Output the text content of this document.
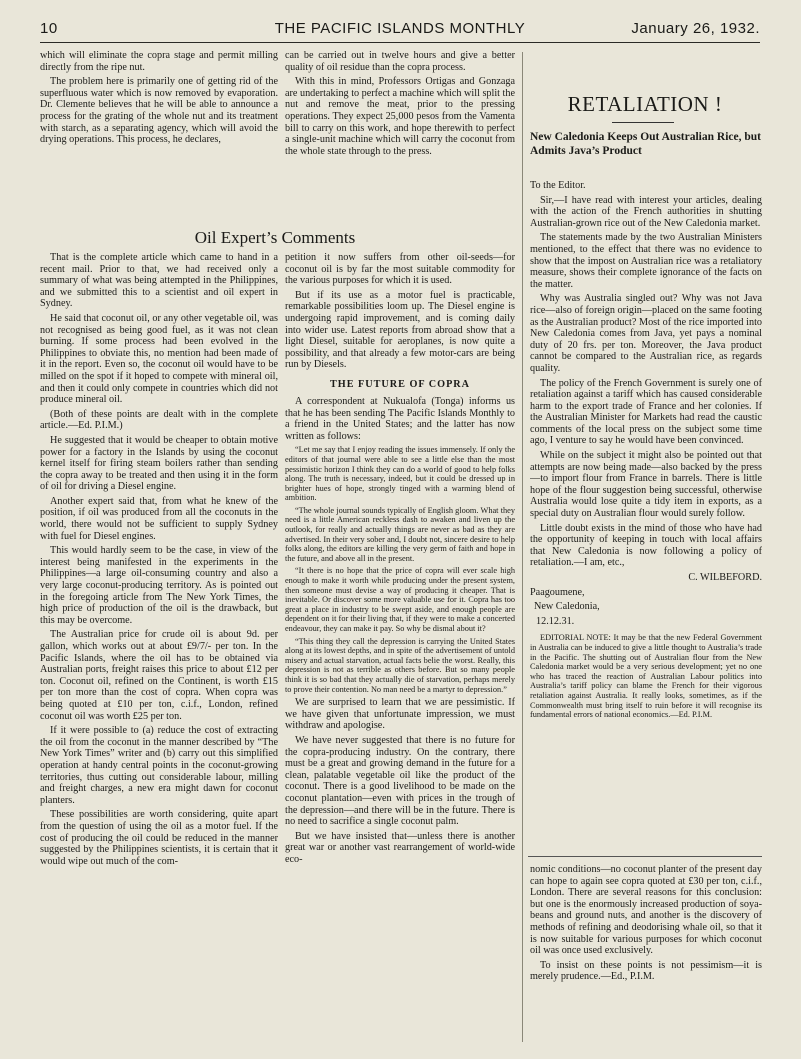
THE PACIFIC ISLANDS MONTHLY
10	January 26, 1932.

which will eliminate the copra stage and permit milling directly from the ripe nut.

The problem here is primarily one of getting rid of the superfluous water which is now removed by evaporation. Dr. Clemente believes that he will be able to announce a process for the grating of the whole nut and its treatment with starch, as a separating agency, which will avoid the drying operations. This process, he declares,

can be carried out in twelve hours and give a better quality of oil residue than the copra process.

With this in mind, Professors Ortigas and Gonzaga are undertaking to perfect a machine which will split the nut and remove the meat, prior to the pressing operations. They expect 25,000 pesos from the Vamenta bill to carry on this work, and hope therewith to perfect a single-unit machine which will carry the coconut from the whole state through to the press.

Oil Expert’s Comments

That is the complete article which came to hand in a recent mail. Prior to that, we had received only a summary of what was being attempted in the Philippines, and we submitted this to a scientist and oil expert in Sydney.

He said that coconut oil, or any other vegetable oil, was not recognised as being good fuel, as it was not clean burning. If some process had been evolved in the Philippines to obviate this, no mention had been made of it in the report. Even so, the coconut oil would have to be milled on the spot if it hoped to compete with mineral oil, and then it could only compete in countries which did not produce mineral oil.

(Both of these points are dealt with in the complete article.—Ed. P.I.M.)

He suggested that it would be cheaper to obtain motive power for a factory in the Islands by using the coconut kernel itself for firing steam boilers rather than sending the copra away to be treated and then using it in the form of oil for driving a Diesel engine.

Another expert said that, from what he knew of the position, if oil was produced from all the coconuts in the world, there would not be sufficient to supply Sydney with fuel for Diesel engines.

This would hardly seem to be the case, in view of the interest being manifested in the experiments in the Philippines—a large oil-consuming country and also a very large coconut-producing territory. As is pointed out in the foregoing article from The New York Times, the high price of production of the oil is the drawback, but this may be overcome.

The Australian price for crude oil is about 9d. per gallon, which works out at about £9/7/- per ton. In the Pacific Islands, where the oil has to be obtained via Australian ports, freight raises this price to about £12 per ton. Coconut oil, refined on the Continent, is worth £15 per ton more than the cost of copra. When copra was being quoted at £10 per ton, c.i.f., London, refined coconut oil was worth £25 per ton.

If it were possible to (a) reduce the cost of extracting the oil from the coconut in the manner described by “The New York Times” writer and (b) carry out this simplified operation at handy central points in the coconut-growing territories, thus cutting out considerable labour, milling and freight charges, a new era might dawn for coconut planters.

These possibilities are worth considering, quite apart from the question of using the oil as a motor fuel. If the cost of producing the oil could be reduced in the manner suggested by the Philippines scientists, it is certain that it would wipe out much of the com-

petition it now suffers from other oil-seeds—for coconut oil is by far the most suitable commodity for the various purposes for which it is used.

But if its use as a motor fuel is practicable, remarkable possibilities loom up. The Diesel engine is undergoing rapid improvement, and is coming daily into wider use. Latest reports from abroad show that a light Diesel, suitable for aeroplanes, is now quite a possibility, and that already a few motor-cars are being run by Diesels.

THE FUTURE OF COPRA

A correspondent at Nukualofa (Tonga) informs us that he has been sending The Pacific Islands Monthly to a friend in the United States; and the latter has now written as follows:

“Let me say that I enjoy reading the issues immensely. If only the editors of that journal were able to see a little else than the most pessimistic horizon I think they can do a world of good to help folks along. The truth is necessary, indeed, but it could be dressed up in brighter hues of hope, strongly tinged with a warming blend of ambition.

“The whole journal sounds typically of English gloom. What they need is a little American reckless dash to awaken and liven up the outlook, for really and actually things are never as bad as they are advertised. In their very sober and, I doubt not, sincere desire to help folks along, the editors are killing the very germ of faith and hope in the future, and above all in the present.

“It there is no hope that the price of copra will ever scale high enough to make it worth while producing under the present system, then someone must devise a way of producing it cheaper. That is inevitable. Or discover some more valuable use for it. Copra has too great a place in industry to be swept aside, and enough people are dependent on it for their living that, if they were to make a concerted endeavour, they can make it pay. So why be dismal about it?

“This thing they call the depression is carrying the United States along at its lowest depths, and in spite of the advertisement of untold misery and actual starvation, actual facts belie the worst. Really, this depression is not as terrible as others before. But so many people think it is so bad that they actually die of starvation, perhaps merely to prove their contention. No man need be a martyr to depression.”

We are surprised to learn that we are pessimistic. If we have given that unfortunate impression, we must withdraw and apologise.

We have never suggested that there is no future for the copra-producing industry. On the contrary, there must be a great and growing demand in the future for a clean, palatable vegetable oil like the product of the coconut. There is a good livelihood to be made on the coconut plantation—even with prices in the trough of the depression—and there will be in the future. There is no need to sacrifice a single coconut palm.

But we have insisted that—unless there is another great war or another vast rearrangement of world-wide eco-

RETALIATION !
New Caledonia Keeps Out Australian Rice, but Admits Java’s Product

To the Editor.

Sir,—I have read with interest your articles, dealing with the action of the French authorities in shutting Australian-grown rice out of the New Caledonia market.

The statements made by the two Australian Ministers mentioned, to the effect that there was no evidence to show that the impost on Australian rice was a retaliatory measure, shows their complete ignorance of the facts on the matter.

Why was Australia singled out? Why was not Java rice—also of foreign origin—placed on the same footing as the Australian product? Most of the rice imported into New Caledonia comes from Java, yet pays a nominal duty of 20 frs. per ton. Moreover, the Java product cannot be compared to the Australian rice, as regards quality.

The policy of the French Government is surely one of retaliation against a tariff which has caused considerable harm to the export trade of France and her colonies. If the Australian Minister for Markets had read the caustic comments of the local press on the subject some time ago, I venture to say he would have been convinced.

While on the subject it might also be pointed out that attempts are now being made—also backed by the press—to import flour from France in barrels. There is little hope of the flour suggestion being successful, otherwise Australia would lose quite a tidy item in exports, as a special duty on Australian flour would surely follow.

Little doubt exists in the mind of those who have had the opportunity of keeping in touch with local affairs that New Caledonia is now following a policy of retaliation.—I am, etc.,

C. WILBEFORD.

Paagoumene,

New Caledonia,

12.12.31.

EDITORIAL NOTE: It may be that the new Federal Government in Australia can be induced to give a little thought to Australia’s trade in the Pacific. The shutting out of Australian flour from the New Caledonia market would be a very serious development; yet no one who has traced the reaction of Australian Labour politics into Australia’s tariff policy can blame the French for their vigorous retaliation against Australia. It really looks, sometimes, as if the Commonwealth must bring itself to ruin before it will recognise its fundamental errors of national economics.—Ed. P.I.M.

nomic conditions—no coconut planter of the present day can hope to again see copra quoted at £30 per ton, c.i.f., London. There are several reasons for this conclusion: but one is the enormously increased production of soya-beans and ground nuts, and another is the discovery of methods of refining and deodorising whale oil, so that it is now suitable for various purposes for which coconut oil was once used exclusively.

To insist on these points is not pessimism—it is merely prudence.—Ed., P.I.M.
